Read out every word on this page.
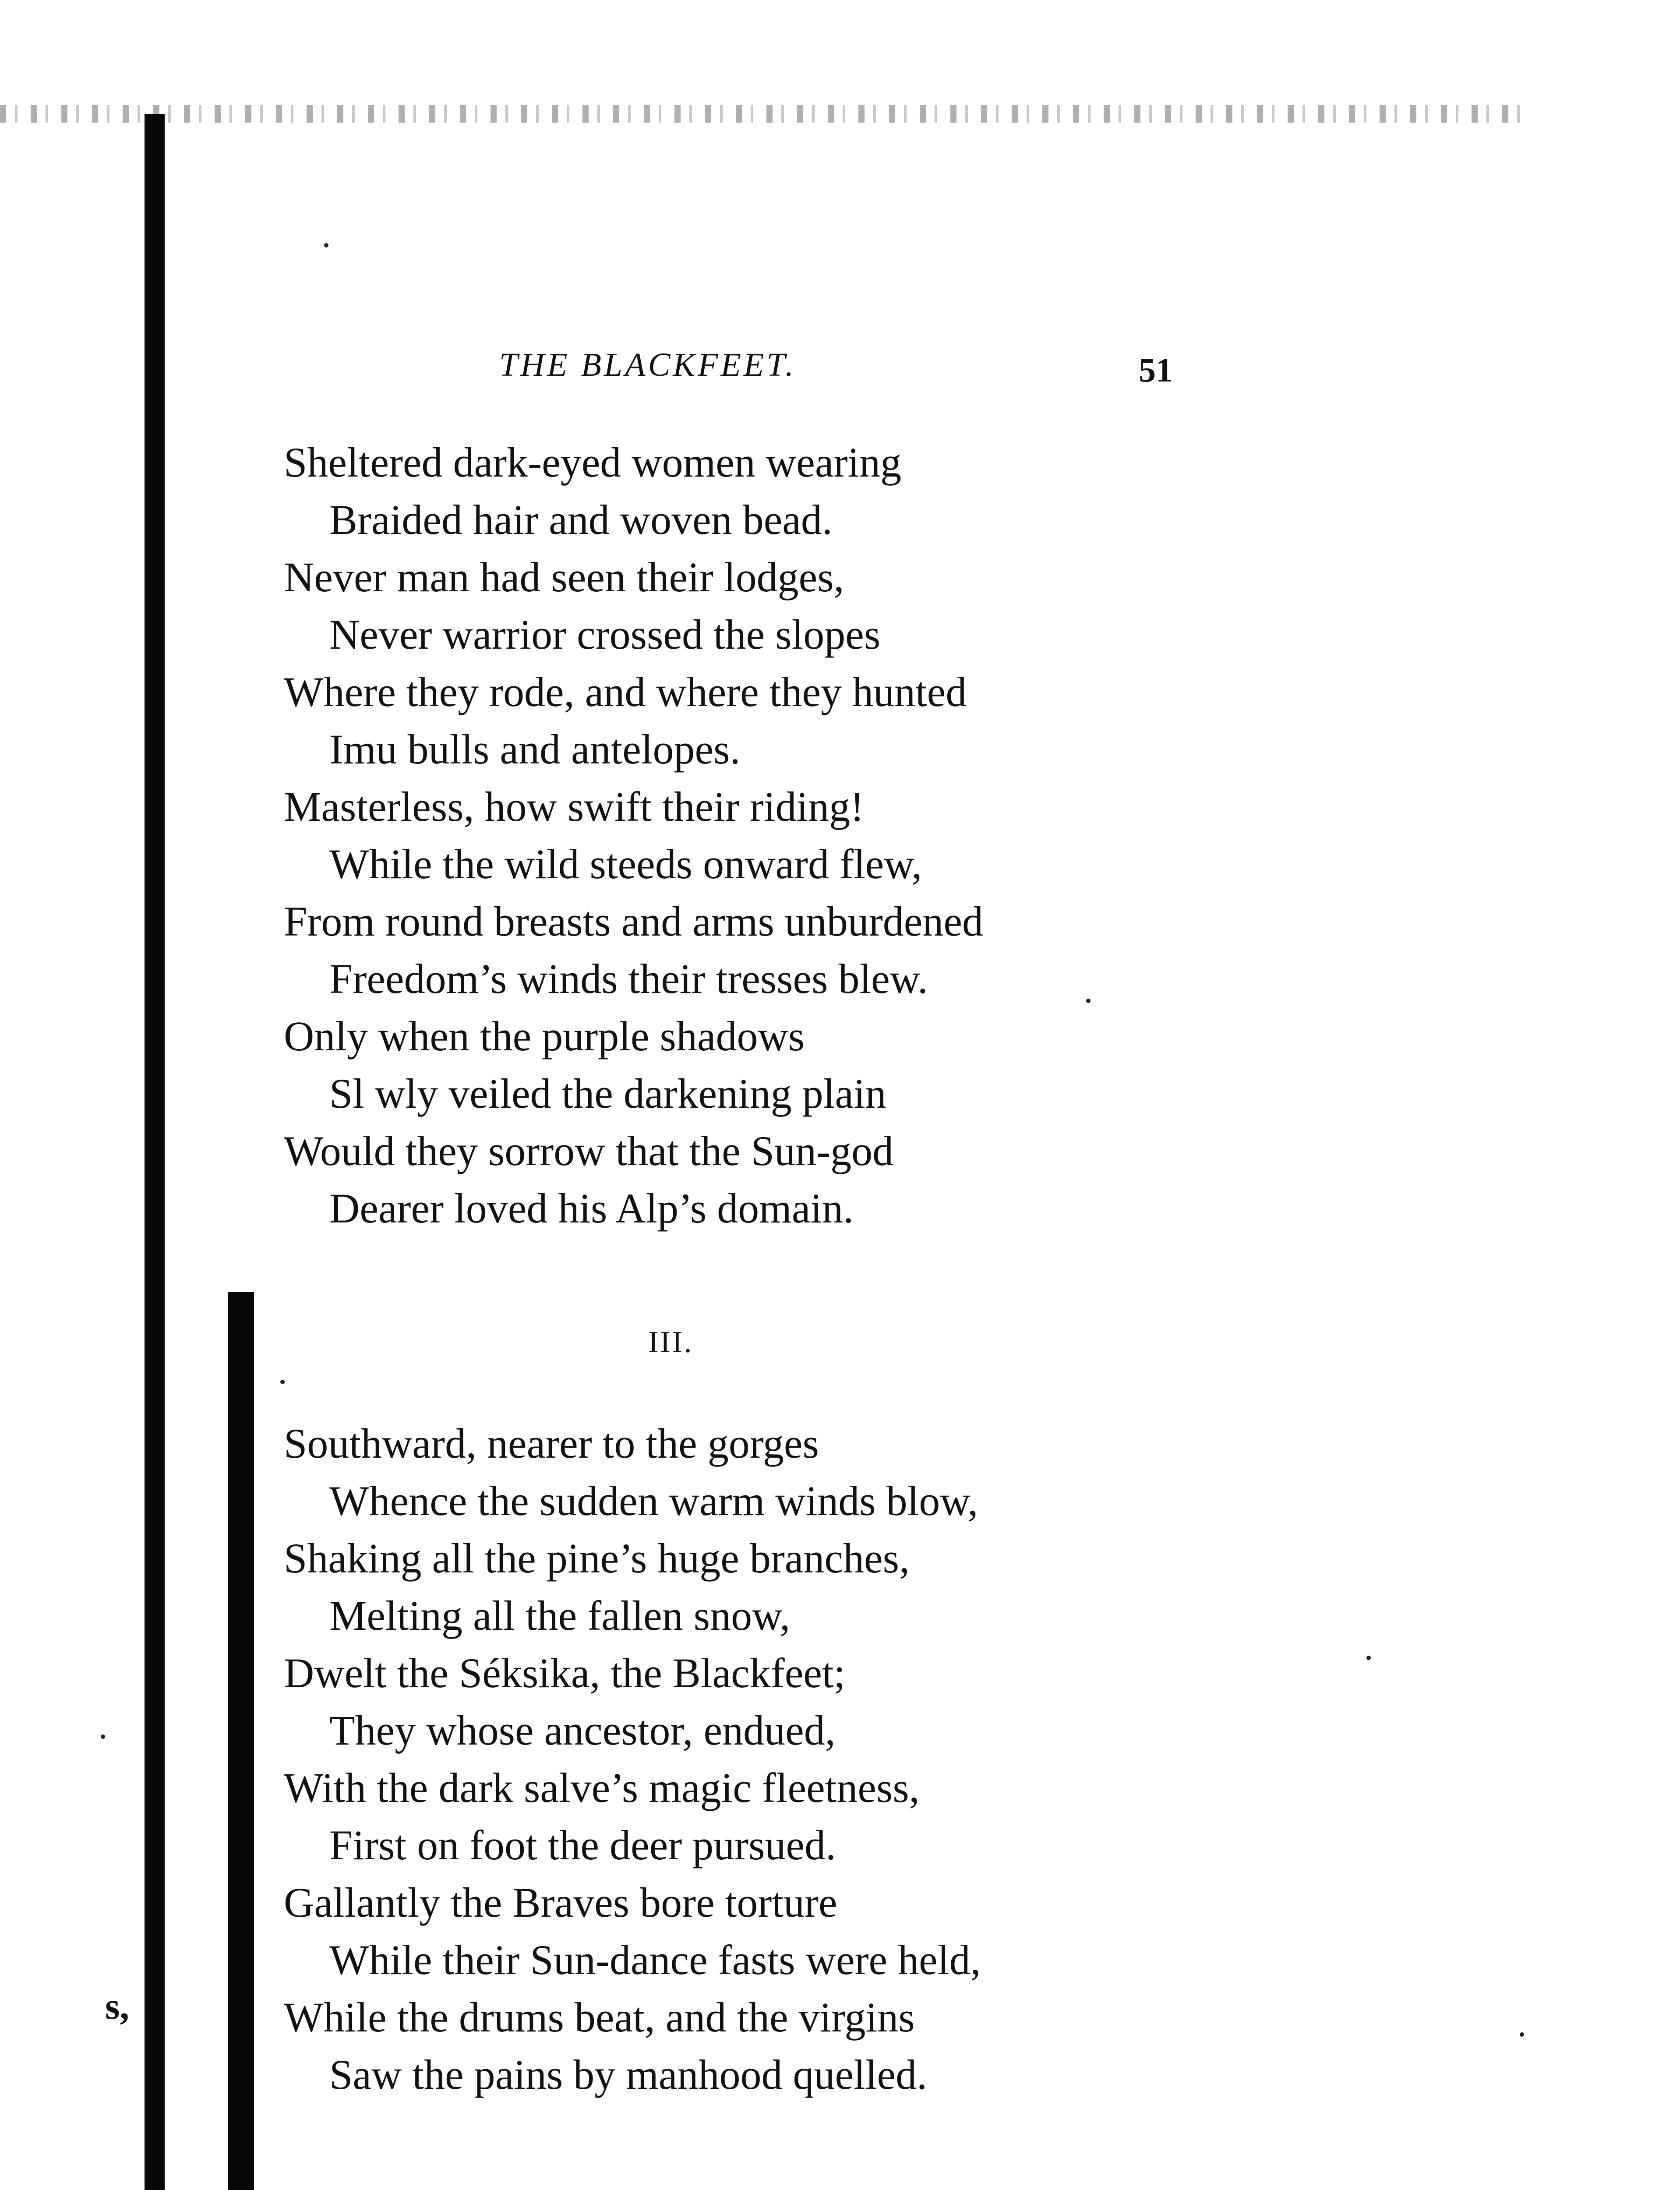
THE BLACKFEET.	51
Sheltered dark-eyed women wearing
Braided hair and woven bead.
Never man had seen their lodges,
Never warrior crossed the slopes
Where they rode, and where they hunted
Imu bulls and antelopes.
Masterless, how swift their riding!
While the wild steeds onward flew,
From round breasts and arms unburdened
Freedom’s winds their tresses blew.
Only when the purple shadows
Sl wly veiled the darkening plain
Would they sorrow that the Sun-god
Dearer loved his Alp’s domain.
III.
Southward, nearer to the gorges
Whence the sudden warm winds blow,
Shaking all the pine’s huge branches,
Melting all the fallen snow,
Dwelt the Séksika, the Blackfeet;
They whose ancestor, endued,
With the dark salve’s magic fleetness,
First on foot the deer pursued.
Gallantly the Braves bore torture
While their Sun-dance fasts were held,
While the drums beat, and the virgins
Saw the pains by manhood quelled.
s,
